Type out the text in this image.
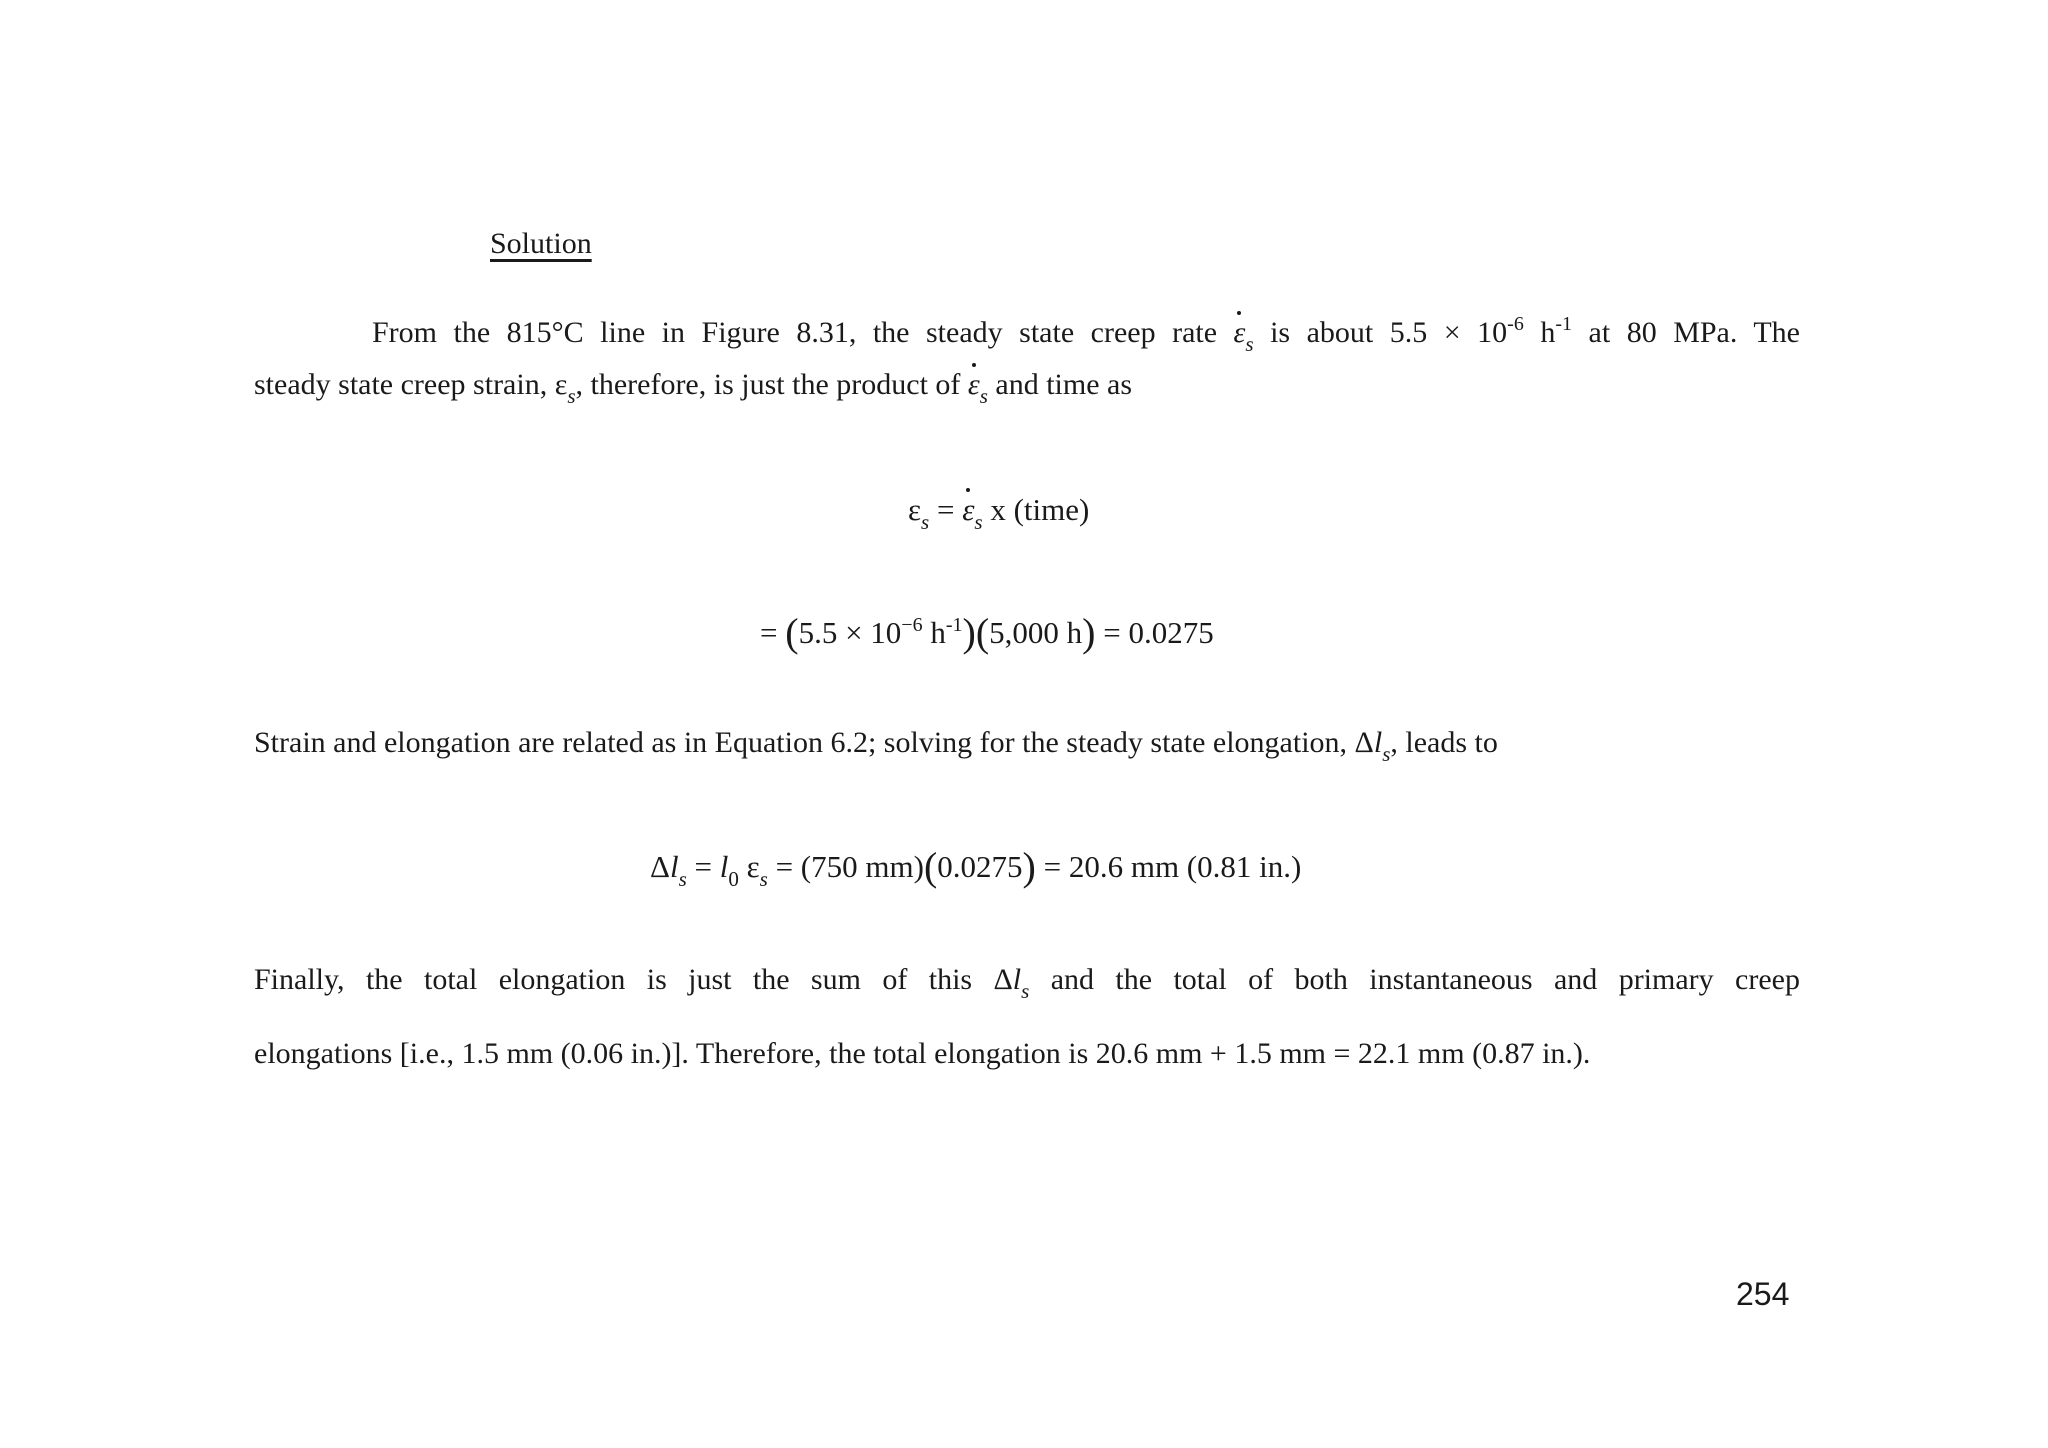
Solution
From the 815°C line in Figure 8.31, the steady state creep rate $\varepsilon_s$ is about $5.5 \times 10^{-6}$ $h^{-1}$ at 80 MPa. The
steady state creep strain, $\varepsilon_s$, therefore, is just the product of $\varepsilon_s$ and time as
$\varepsilon_s = \varepsilon_s$ x (time)
= ($5.5 \times 10^{-6}$ $h^{-1})(5,000$ h) = 0.0275
Strain and elongation are related as in Equation 6.2; solving for the steady state elongation, $\Delta l_s$, leads to
$\Delta l_s = l_0$ $\varepsilon_s = (750$ mm)(0.0275) = 20.6 mm (0.81 in.)
Finally, the total elongation is just the sum of this $\Delta l_s$ and the total of both instantaneous and primary creep
elongations [i.e., 1.5 mm (0.06 in.)]. Therefore, the total elongation is 20.6 mm + 1.5 mm = 22.1 mm (0.87 in.).
254
